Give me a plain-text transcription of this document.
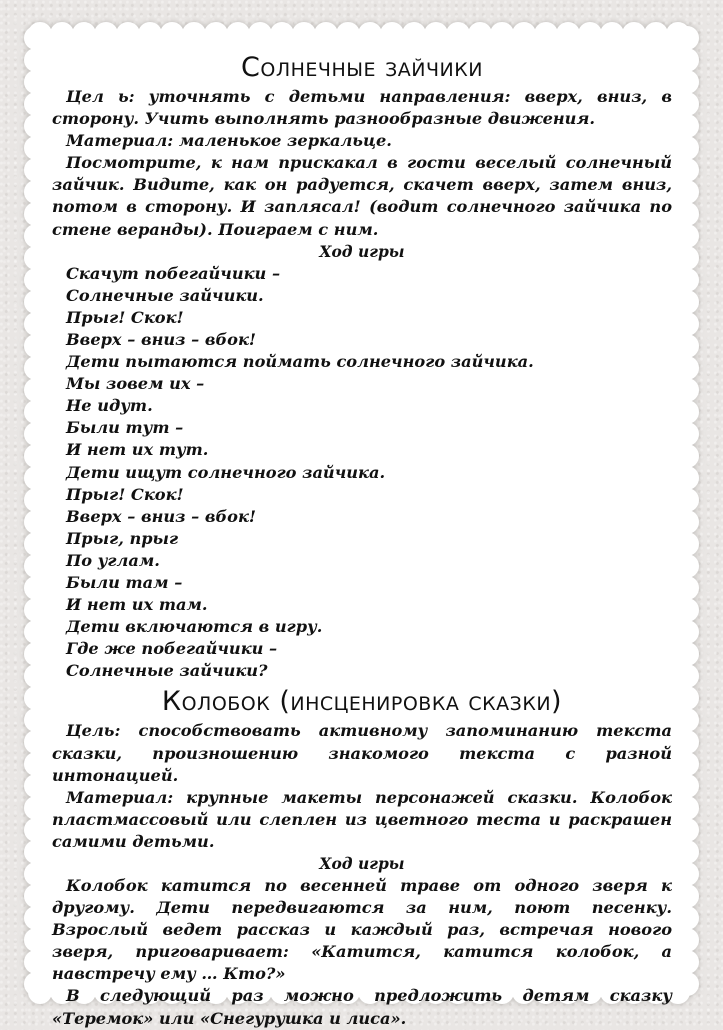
Солнечные зайчики

Цел ь: уточнять с детьми направления: вверх, вниз, в сторону. Учить выполнять разнообразные движения.

Материал: маленькое зеркальце.

Посмотрите, к нам прискакал в гости веселый солнечный зайчик. Видите, как он радуется, скачет вверх, затем вниз, потом в сторону. И заплясал! (водит солнечного зайчика по стене веранды). Поиграем с ним.

Ход игры

Скачут побегайчики –

Солнечные зайчики.

Прыг! Скок!

Вверх – вниз – вбок!

Дети пытаются поймать солнечного зайчика.

Мы зовем их –

Не идут.

Были тут –

И нет их тут.

Дети ищут солнечного зайчика.

Прыг! Скок!

Вверх – вниз – вбок!

Прыг, прыг

По углам.

Были там –

И нет их там.

Дети включаются в игру.

Где же побегайчики –

Солнечные зайчики?

Колобок (инсценировка сказки)

Цель: способствовать активному запоминанию текста сказки, произношению знакомого текста с разной интонацией.

Материал: крупные макеты персонажей сказки. Колобок пластмассовый или слеплен из цветного теста и раскрашен самими детьми.

Ход игры

Колобок катится по весенней траве от одного зверя к другому. Дети передвигаются за ним, поют песенку. Взрослый ведет рассказ и каждый раз, встречая нового зверя, приговаривает: «Катится, катится колобок, а навстречу ему … Кто?»

В следующий раз можно предложить детям сказку «Теремок» или «Снегурушка и лиса».
